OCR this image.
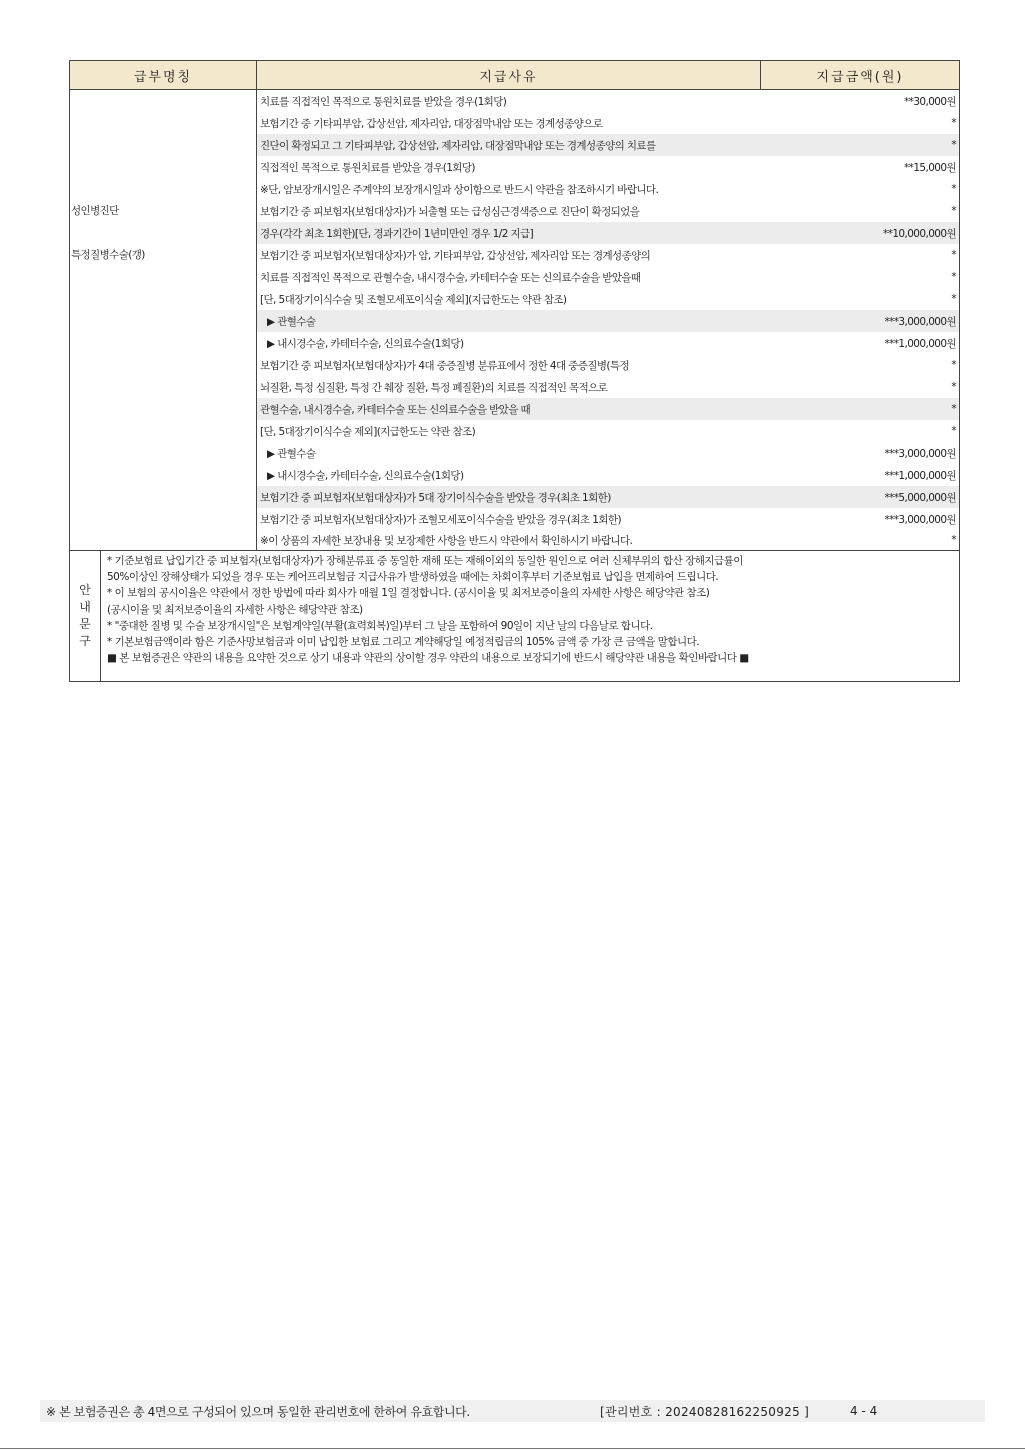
급부명칭	지급사유	지급금액(원)
성인병진단
특정질병수술(갱)
치료를 직접적인 목적으로 통원치료를 받았을 경우(1회당)	**30,000원
보험기간 중 기타피부암, 갑상선암, 제자리암, 대장점막내암 또는 경계성종양으로	*
진단이 확정되고 그 기타피부암, 갑상선암, 제자리암, 대장점막내암 또는 경계성종양의 치료를	*
직접적인 목적으로 통원치료를 받았을 경우(1회당)	**15,000원
※단, 암보장개시일은 주계약의 보장개시일과 상이함으로 반드시 약관을 참조하시기 바랍니다.	*
보험기간 중 피보험자(보험대상자)가 뇌출혈 또는 급성심근경색증으로 진단이 확정되었을	*
경우(각각 최초 1회한)[단, 경과기간이 1년미만인 경우 1/2 지급]	**10,000,000원
보험기간 중 피보험자(보험대상자)가 암, 기타피부암, 갑상선암, 제자리암 또는 경계성종양의	*
치료를 직접적인 목적으로 관혈수술, 내시경수술, 카테터수술 또는 신의료수술을 받았을때	*
[단, 5대장기이식수술 및 조혈모세포이식술 제외](지급한도는 약관 참조)	*
▶ 관혈수술	***3,000,000원
▶ 내시경수술, 카테터수술, 신의료수술(1회당)	***1,000,000원
보험기간 중 피보험자(보험대상자)가 4대 중증질병 분류표에서 정한 4대 중증질병(특정	*
뇌질환, 특정 심질환, 특정 간 췌장 질환, 특정 폐질환)의 치료를 직접적인 목적으로	*
관혈수술, 내시경수술, 카테터수술 또는 신의료수술을 받았을 때	*
[단, 5대장기이식수술 제외](지급한도는 약관 참조)	*
▶ 관혈수술	***3,000,000원
▶ 내시경수술, 카테터수술, 신의료수술(1회당)	***1,000,000원
보험기간 중 피보험자(보험대상자)가 5대 장기이식수술을 받았을 경우(최초 1회한)	***5,000,000원
보험기간 중 피보험자(보험대상자)가 조혈모세포이식수술을 받았을 경우(최초 1회한)	***3,000,000원
※이 상품의 자세한 보장내용 및 보장제한 사항을 반드시 약관에서 확인하시기 바랍니다.	*
안
내
문
구
* 기준보험료 납입기간 중 피보험자(보험대상자)가 장해분류표 중 동일한 재해 또는 재해이외의 동일한 원인으로 여러 신체부위의 합산 장해지급률이
50%이상인 장해상태가 되었을 경우 또는 케어프리보험금 지급사유가 발생하였을 때에는 차회이후부터 기준보험료 납입을 면제하여 드립니다.
* 이 보험의 공시이율은 약관에서 정한 방법에 따라 회사가 매월 1일 결정합니다. (공시이율 및 최저보증이율의 자세한 사항은 해당약관 참조)
(공시이율 및 최저보증이율의 자세한 사항은 해당약관 참조)
* "중대한 질병 및 수술 보장개시일"은 보험계약일(부활(효력회복)일)부터 그 날을 포함하여 90일이 지난 날의 다음날로 합니다.
* 기본보험금액이라 함은 기준사망보험금과 이미 납입한 보험료 그리고 계약해당일 예정적립금의 105% 금액 중 가장 큰 금액을 말합니다.
■ 본 보험증권은 약관의 내용을 요약한 것으로 상기 내용과 약관의 상이할 경우 약관의 내용으로 보장되기에 반드시 해당약관 내용을 확인바랍니다 ■
※ 본 보험증권은 총 4면으로 구성되어 있으며 동일한 관리번호에 한하여 유효합니다.	[관리번호 : 20240828162250925 ]	4 - 4
